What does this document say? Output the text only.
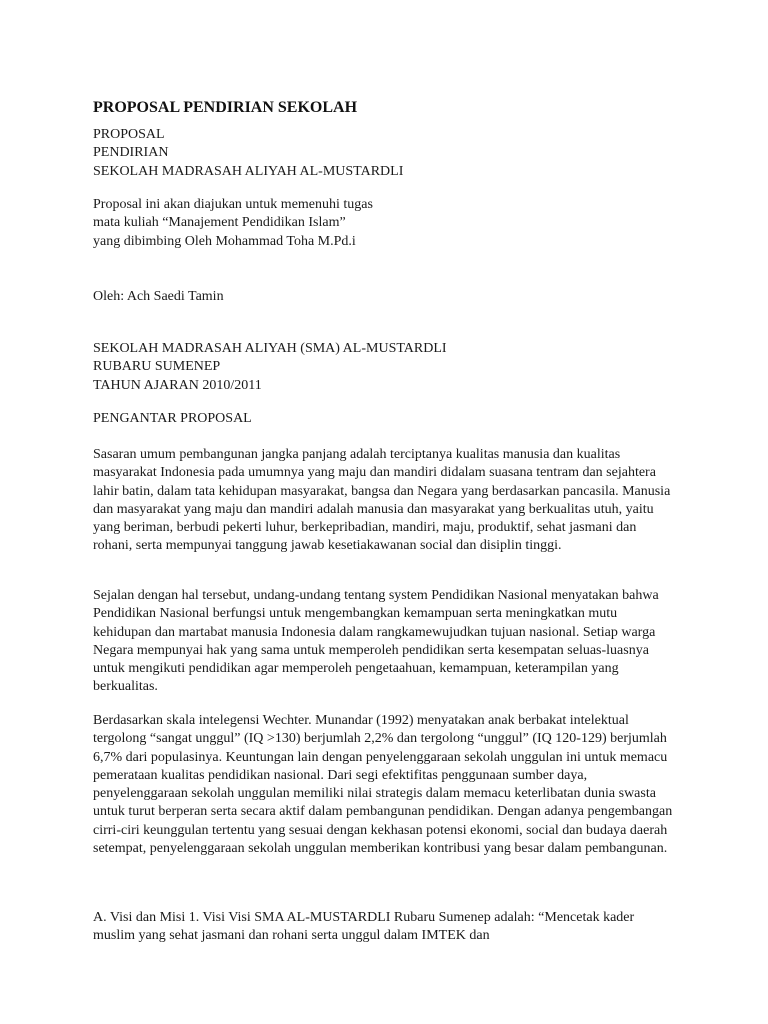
PROPOSAL PENDIRIAN SEKOLAH
PROPOSAL
PENDIRIAN
SEKOLAH MADRASAH ALIYAH AL-MUSTARDLI
Proposal ini akan diajukan untuk memenuhi tugas
mata kuliah “Manajement Pendidikan Islam”
yang dibimbing Oleh Mohammad Toha M.Pd.i
Oleh: Ach Saedi Tamin
SEKOLAH MADRASAH ALIYAH (SMA) AL-MUSTARDLI
RUBARU SUMENEP
TAHUN AJARAN 2010/2011
PENGANTAR PROPOSAL
Sasaran umum pembangunan jangka panjang adalah terciptanya kualitas manusia dan kualitas masyarakat Indonesia pada umumnya yang maju dan mandiri didalam suasana tentram dan sejahtera lahir batin, dalam tata kehidupan masyarakat, bangsa dan Negara yang berdasarkan pancasila. Manusia dan masyarakat yang maju dan mandiri adalah manusia dan masyarakat yang berkualitas utuh, yaitu yang beriman, berbudi pekerti luhur, berkepribadian, mandiri, maju, produktif, sehat jasmani dan rohani, serta mempunyai tanggung jawab kesetiakawanan social dan disiplin tinggi.
Sejalan dengan hal tersebut, undang-undang tentang system Pendidikan Nasional menyatakan bahwa Pendidikan Nasional berfungsi untuk mengembangkan kemampuan serta meningkatkan mutu kehidupan dan martabat manusia Indonesia dalam rangkamewujudkan tujuan nasional. Setiap warga Negara mempunyai hak yang sama untuk memperoleh pendidikan serta kesempatan seluas-luasnya untuk mengikuti pendidikan agar memperoleh pengetaahuan, kemampuan, keterampilan yang berkualitas.
Berdasarkan skala intelegensi Wechter. Munandar (1992) menyatakan anak berbakat intelektual tergolong “sangat unggul” (IQ >130) berjumlah 2,2% dan tergolong “unggul” (IQ 120-129) berjumlah 6,7% dari populasinya. Keuntungan lain dengan penyelenggaraan sekolah unggulan ini untuk memacu pemerataan kualitas pendidikan nasional. Dari segi efektifitas penggunaan sumber daya, penyelenggaraan sekolah unggulan memiliki nilai strategis dalam memacu keterlibatan dunia swasta untuk turut berperan serta secara aktif dalam pembangunan pendidikan. Dengan adanya pengembangan cirri-ciri keunggulan tertentu yang sesuai dengan kekhasan potensi ekonomi, social dan budaya daerah setempat, penyelenggaraan sekolah unggulan memberikan kontribusi yang besar dalam pembangunan.
A. Visi dan Misi 1. Visi Visi SMA AL-MUSTARDLI Rubaru Sumenep adalah: “Mencetak kader muslim yang sehat jasmani dan rohani serta unggul dalam IMTEK dan
